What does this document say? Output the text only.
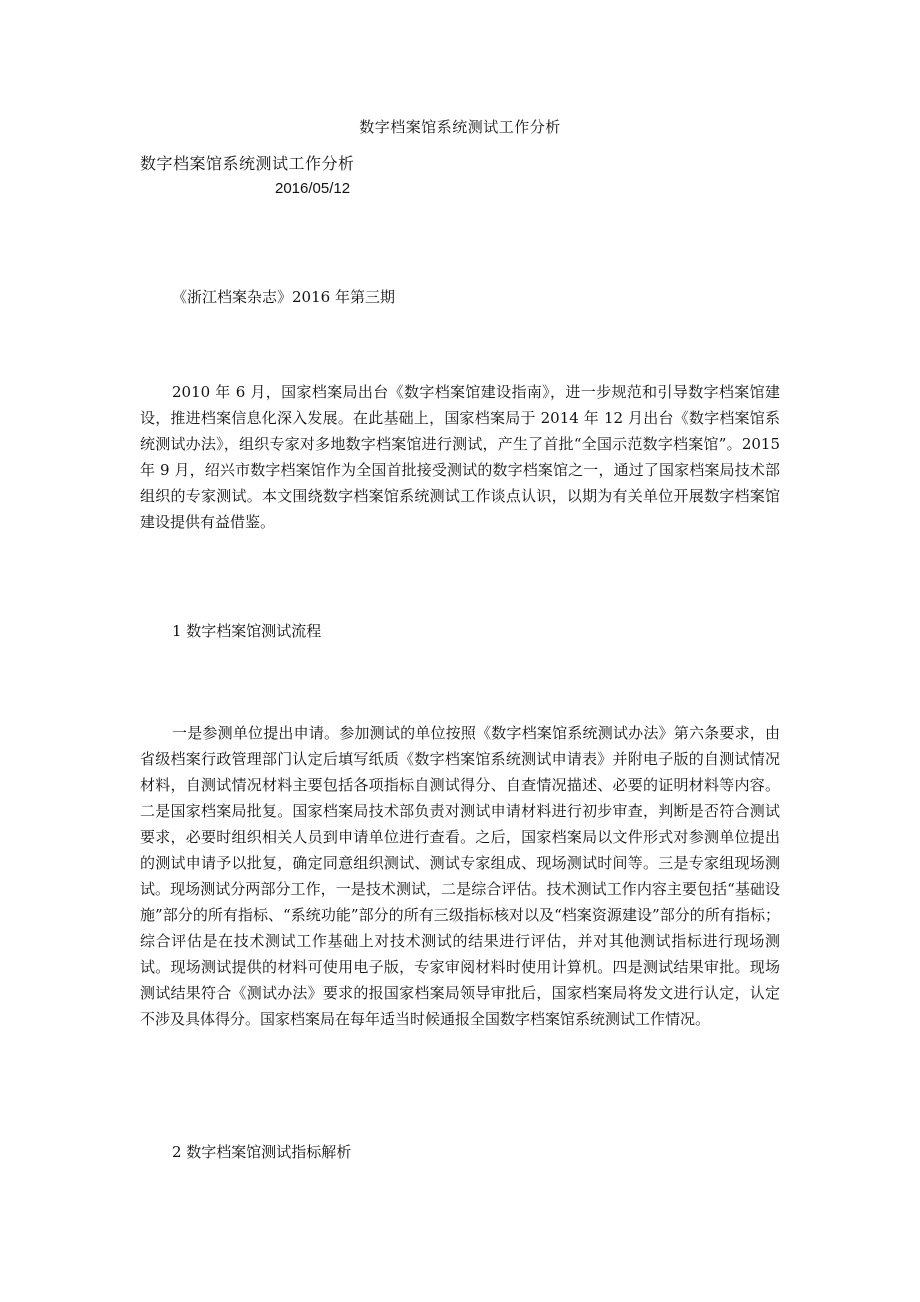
数字档案馆系统测试工作分析
数字档案馆系统测试工作分析
2016/05/12
《浙江档案杂志》2016 年第三期

2010 年 6 月，国家档案局出台《数字档案馆建设指南》，进一步规范和引导数字档案馆建设，推进档案信息化深入发展。在此基础上，国家档案局于 2014 年 12 月出台《数字档案馆系统测试办法》，组织专家对多地数字档案馆进行测试，产生了首批“全国示范数字档案馆”。2015 年 9 月，绍兴市数字档案馆作为全国首批接受测试的数字档案馆之一，通过了国家档案局技术部组织的专家测试。本文围绕数字档案馆系统测试工作谈点认识，以期为有关单位开展数字档案馆建设提供有益借鉴。

1 数字档案馆测试流程

一是参测单位提出申请。参加测试的单位按照《数字档案馆系统测试办法》第六条要求，由省级档案行政管理部门认定后填写纸质《数字档案馆系统测试申请表》并附电子版的自测试情况材料，自测试情况材料主要包括各项指标自测试得分、自查情况描述、必要的证明材料等内容。二是国家档案局批复。国家档案局技术部负责对测试申请材料进行初步审查，判断是否符合测试要求，必要时组织相关人员到申请单位进行查看。之后，国家档案局以文件形式对参测单位提出的测试申请予以批复，确定同意组织测试、测试专家组成、现场测试时间等。三是专家组现场测试。现场测试分两部分工作，一是技术测试，二是综合评估。技术测试工作内容主要包括“基础设施”部分的所有指标、“系统功能”部分的所有三级指标核对以及“档案资源建设”部分的所有指标；综合评估是在技术测试工作基础上对技术测试的结果进行评估，并对其他测试指标进行现场测试。现场测试提供的材料可使用电子版，专家审阅材料时使用计算机。四是测试结果审批。现场测试结果符合《测试办法》要求的报国家档案局领导审批后，国家档案局将发文进行认定，认定不涉及具体得分。国家档案局在每年适当时候通报全国数字档案馆系统测试工作情况。

2 数字档案馆测试指标解析
